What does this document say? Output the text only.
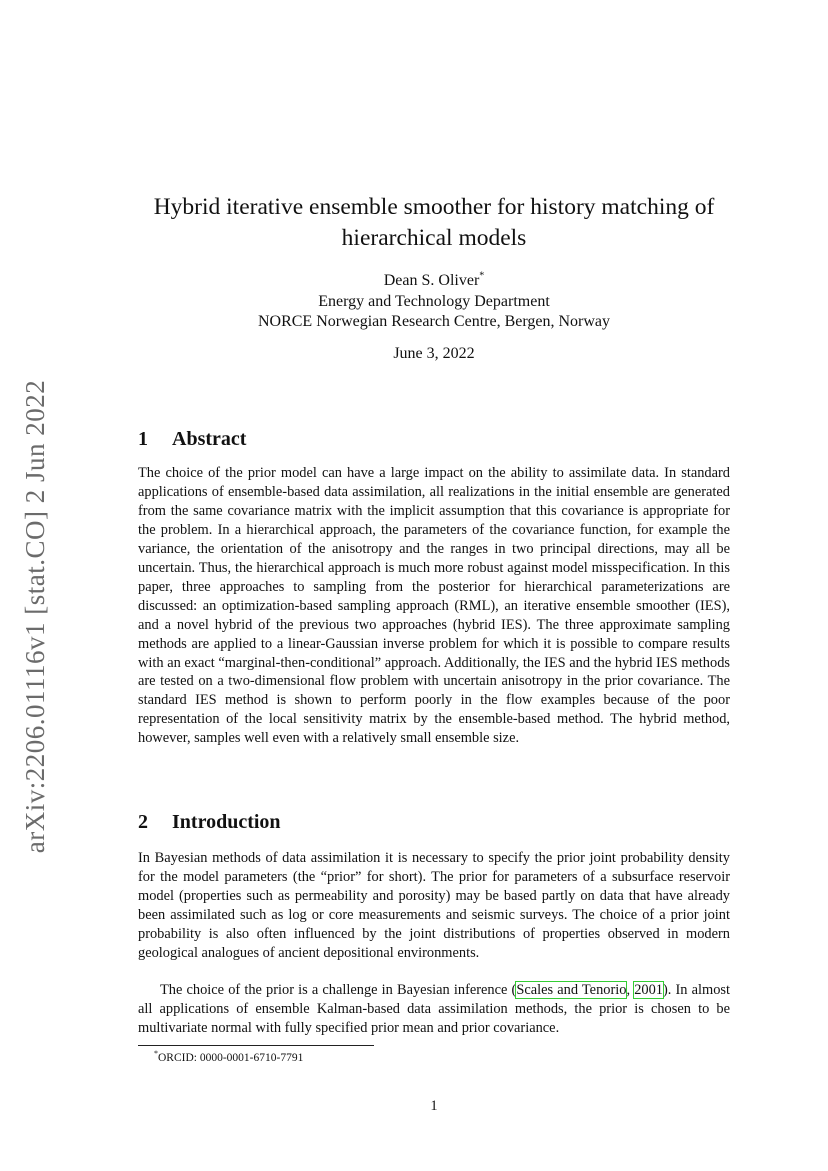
arXiv:2206.01116v1 [stat.CO] 2 Jun 2022
Hybrid iterative ensemble smoother for history matching of hierarchical models
Dean S. Oliver*
Energy and Technology Department
NORCE Norwegian Research Centre, Bergen, Norway
June 3, 2022
1 Abstract

The choice of the prior model can have a large impact on the ability to assimilate data. In standard applications of ensemble-based data assimilation, all realizations in the initial ensemble are generated from the same covariance matrix with the implicit assumption that this covariance is appropriate for the problem. In a hierarchical approach, the parameters of the covariance function, for example the variance, the orientation of the anisotropy and the ranges in two principal directions, may all be uncertain. Thus, the hierarchical approach is much more robust against model misspecification. In this paper, three approaches to sampling from the posterior for hierarchical parameterizations are discussed: an optimization-based sampling approach (RML), an iterative ensemble smoother (IES), and a novel hybrid of the previous two approaches (hybrid IES). The three approximate sampling methods are applied to a linear-Gaussian inverse problem for which it is possible to compare results with an exact “marginal-then-conditional” approach. Additionally, the IES and the hybrid IES methods are tested on a two-dimensional flow problem with uncertain anisotropy in the prior covariance. The standard IES method is shown to perform poorly in the flow examples because of the poor representation of the local sensitivity matrix by the ensemble-based method. The hybrid method, however, samples well even with a relatively small ensemble size.

2 Introduction

In Bayesian methods of data assimilation it is necessary to specify the prior joint probability density for the model parameters (the “prior” for short). The prior for parameters of a subsurface reservoir model (properties such as permeability and porosity) may be based partly on data that have already been assimilated such as log or core measurements and seismic surveys. The choice of a prior joint probability is also often influenced by the joint distributions of properties observed in modern geological analogues of ancient depositional environments.

The choice of the prior is a challenge in Bayesian inference (Scales and Tenorio, 2001). In almost all applications of ensemble Kalman-based data assimilation methods, the prior is chosen to be multivariate normal with fully specified prior mean and prior covariance.

*ORCID: 0000-0001-6710-7791
1
